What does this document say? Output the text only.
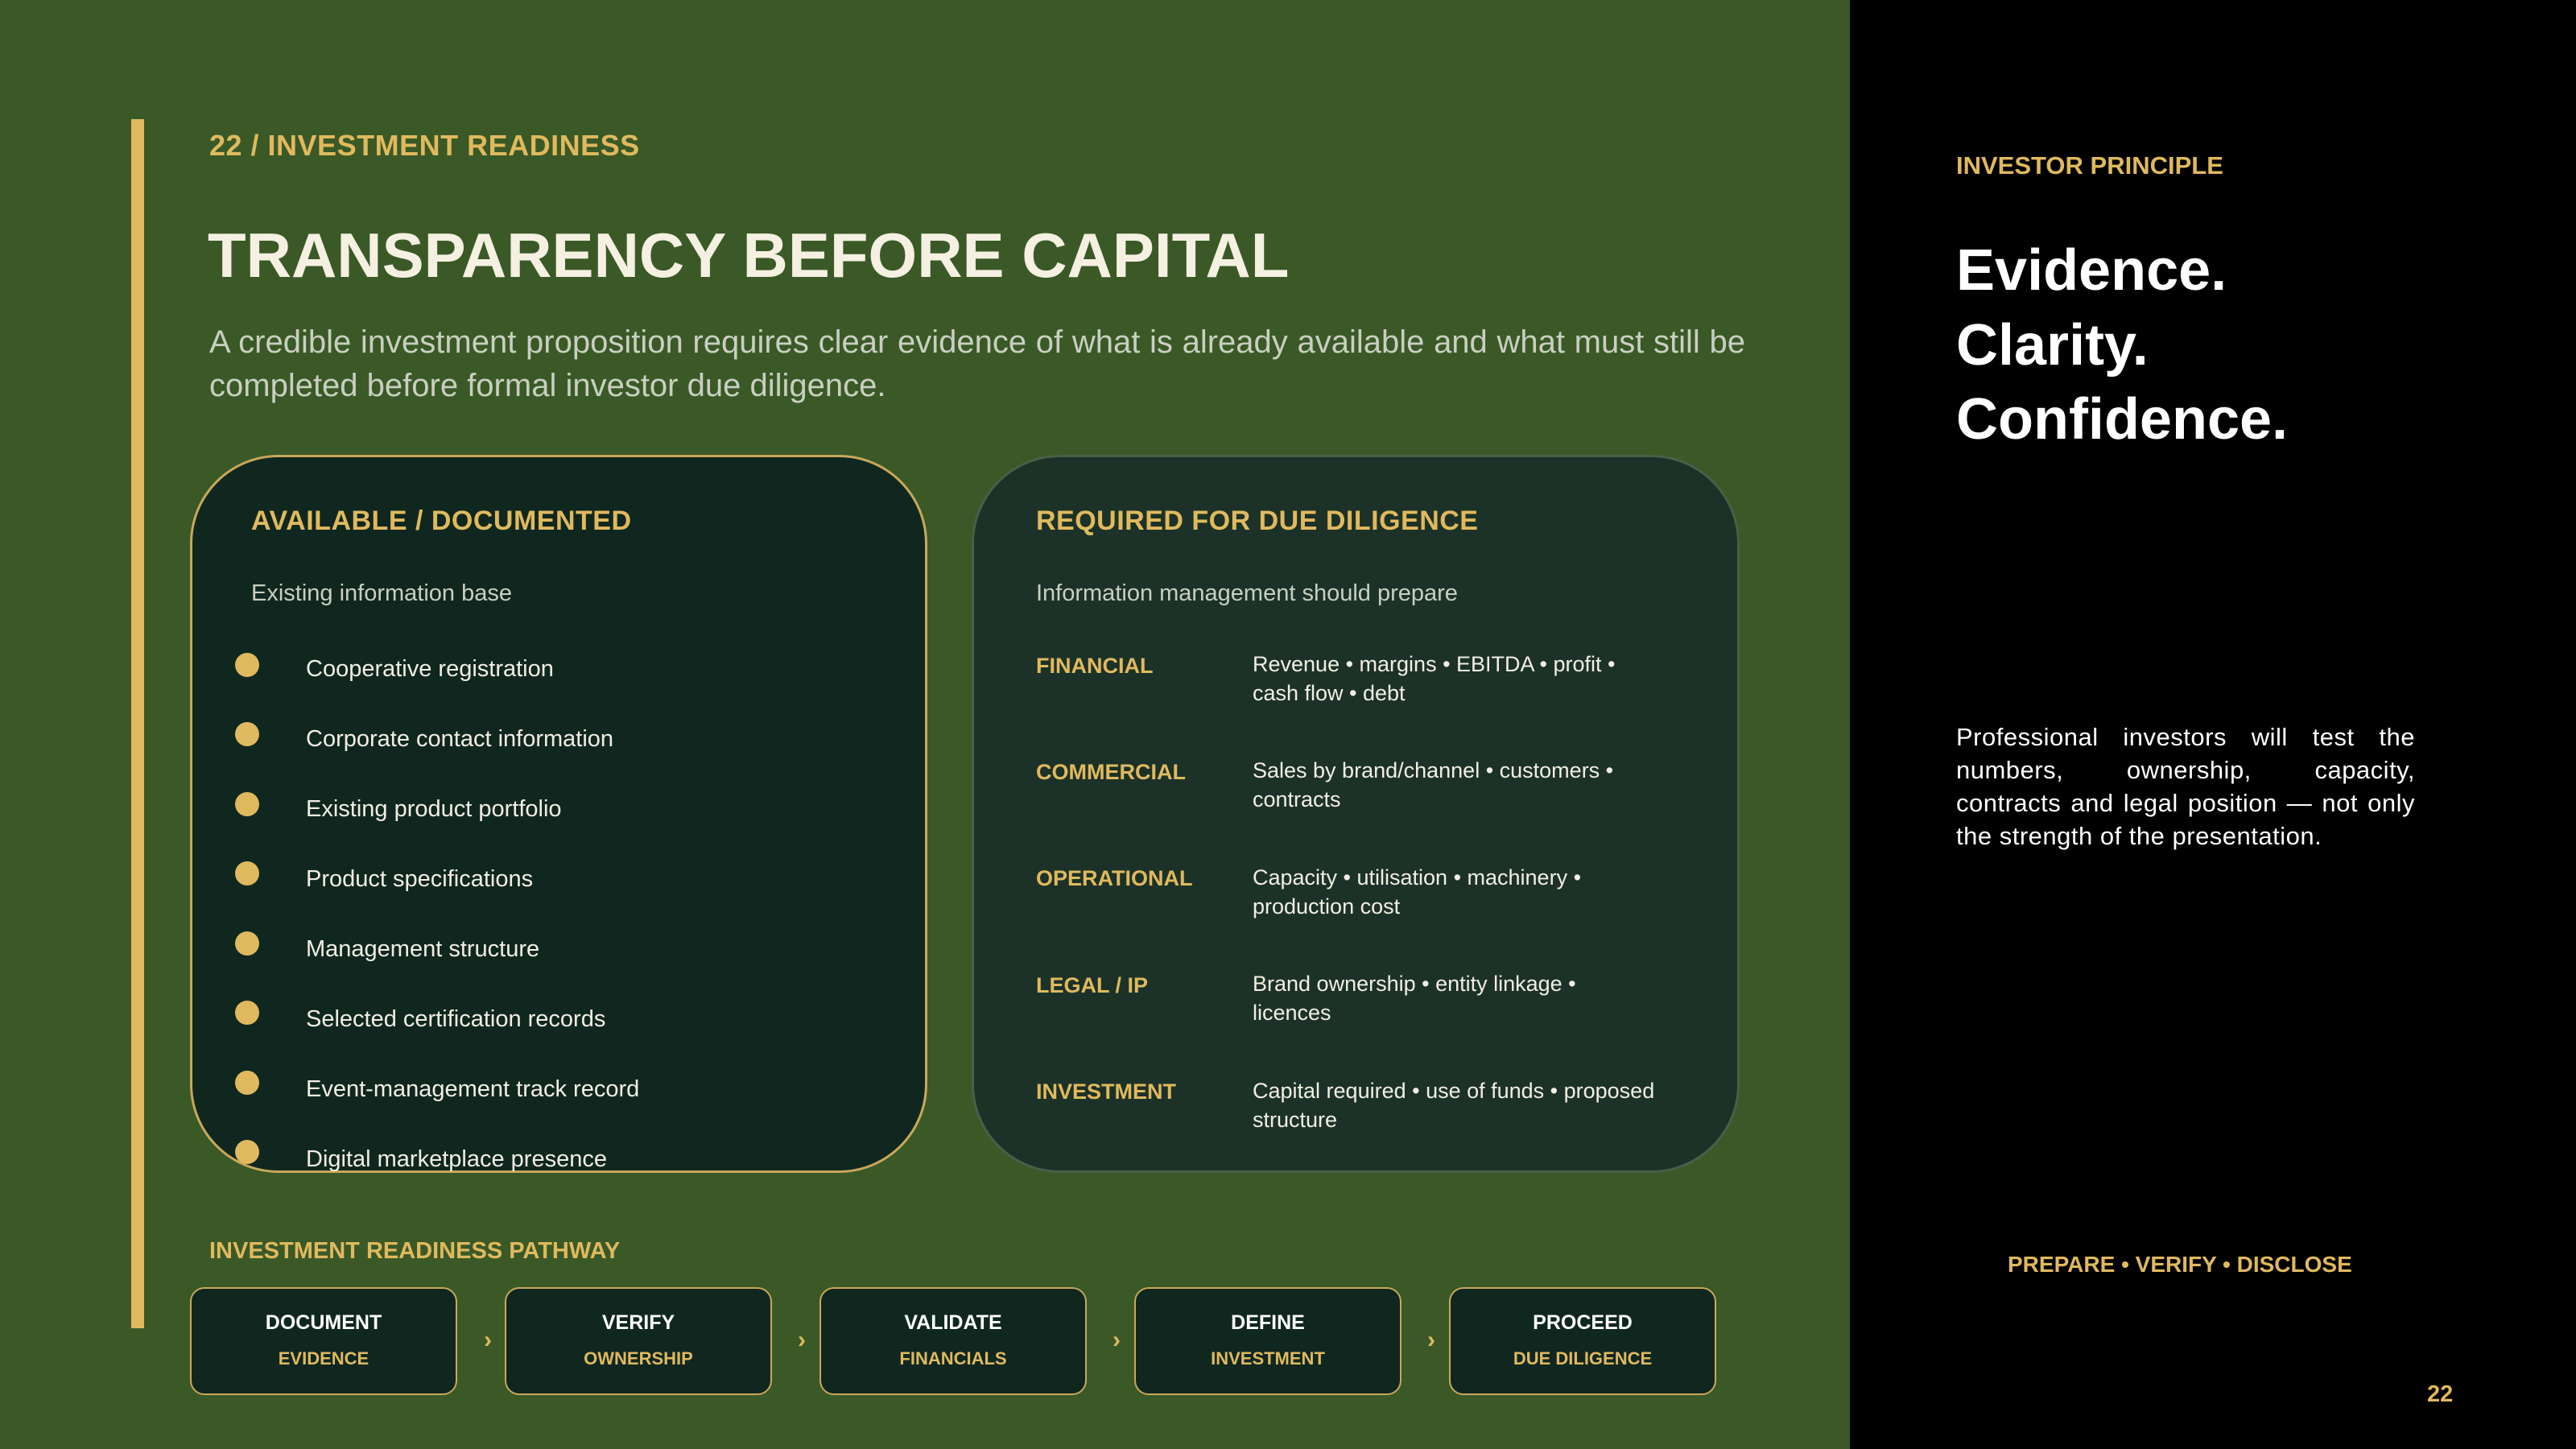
22 / INVESTMENT READINESS
TRANSPARENCY BEFORE CAPITAL
A credible investment proposition requires clear evidence of what is already available and what must still be completed before formal investor due diligence.
AVAILABLE / DOCUMENTED
Existing information base
Cooperative registration
Corporate contact information
Existing product portfolio
Product specifications
Management structure
Selected certification records
Event-management track record
Digital marketplace presence
REQUIRED FOR DUE DILIGENCE
Information management should prepare
FINANCIAL	Revenue • margins • EBITDA • profit • cash flow • debt
COMMERCIAL	Sales by brand/channel • customers • contracts
OPERATIONAL	Capacity • utilisation • machinery • production cost
LEGAL / IP	Brand ownership • entity linkage • licences
INVESTMENT	Capital required • use of funds • proposed structure
INVESTMENT READINESS PATHWAY
DOCUMENT
EVIDENCE
›
VERIFY
OWNERSHIP
›
VALIDATE
FINANCIALS
›
DEFINE
INVESTMENT
›
PROCEED
DUE DILIGENCE
INVESTOR PRINCIPLE
Evidence.
Clarity.
Confidence.
Professional investors will test the numbers, ownership, capacity, contracts and legal position — not only the strength of the presentation.
PREPARE • VERIFY • DISCLOSE
22
